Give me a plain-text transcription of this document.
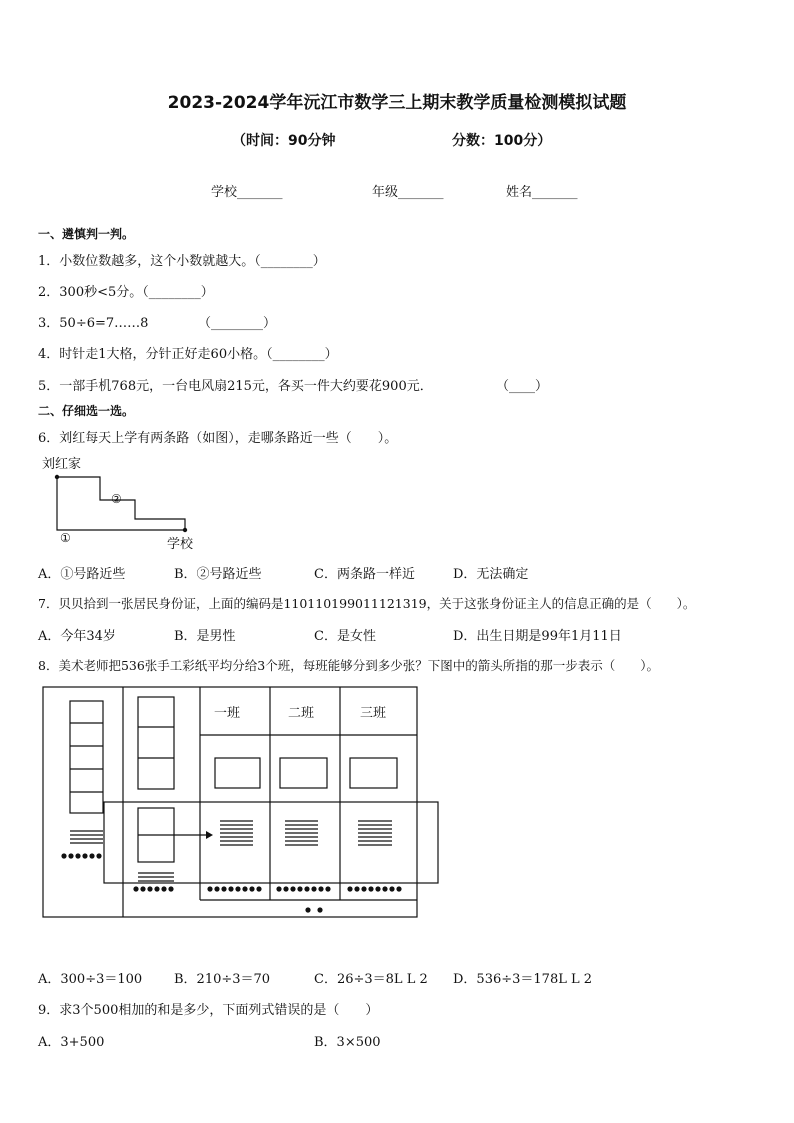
2023-2024学年沅江市数学三上期末教学质量检测模拟试题
（时间：90分钟	分数：100分）
学校_______	年级_______	姓名_______
一、遴慎判一判。
1．小数位数越多，这个小数就越大。（________）
2．300秒<5分。（________）
3．50÷6=7……8	（________）
4．时针走1大格，分针正好走60小格。（________）
5．一部手机768元，一台电风扇215元，各买一件大约要花900元．	（____）
二、仔细选一选。
6．刘红每天上学有两条路（如图），走哪条路近一些（　　）。
刘红家
②
①	学校
A．①号路近些	B．②号路近些	C．两条路一样近	D．无法确定
7．贝贝拾到一张居民身份证，上面的编码是110110199011121319，关于这张身份证主人的信息正确的是（　　）。
A．今年34岁	B．是男性	C．是女性	D．出生日期是99年1月11日
8．美术老师把536张手工彩纸平均分给3个班，每班能够分到多少张？下图中的箭头所指的那一步表示（　　）。
一班	二班	三班
A．300÷3＝100 B．210÷3＝70	C．26÷3＝8L L 2 D．536÷3＝178L L 2
9．求3个500相加的和是多少，下面列式错误的是（　　）
A．3+500	B．3×500
